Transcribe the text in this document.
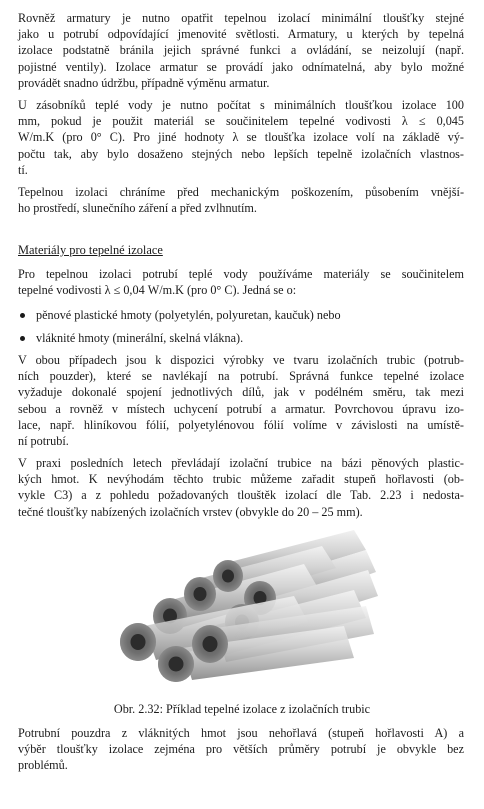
Rovněž armatury je nutno opatřit tepelnou izolací minimální tloušťky stejné
jako u potrubí odpovídající jmenovité světlosti. Armatury, u kterých by tepelná
izolace podstatně bránila jejich správné funkci a ovládání, se neizolují (např.
pojistné ventily). Izolace armatur se provádí jako odnímatelná, aby bylo možné
provádět snadno údržbu, případně výměnu armatur.
U zásobníků teplé vody je nutno počítat s minimálních tloušťkou izolace 100
mm, pokud je použit materiál se součinitelem tepelné vodivosti λ ≤ 0,045
W/m.K (pro 0° C). Pro jiné hodnoty λ se tloušťka izolace volí na základě vý-
počtu tak, aby bylo dosaženo stejných nebo lepších tepelně izolačních vlastnos-
tí.
Tepelnou izolaci chráníme před mechanickým poškozením, působením vnější-
ho prostředí, slunečního záření a před zvlhnutím.

Materiály pro tepelné izolace

Pro tepelnou izolaci potrubí teplé vody používáme materiály se součinitelem
tepelné vodivosti λ ≤ 0,04 W/m.K (pro 0° C). Jedná se o:
pěnové plastické hmoty (polyetylén, polyuretan, kaučuk) nebo
vláknité hmoty (minerální, skelná vlákna).
V obou případech jsou k dispozici výrobky ve tvaru izolačních trubic (potrub-
ních pouzder), které se navlékají na potrubí. Správná funkce tepelné izolace
vyžaduje dokonalé spojení jednotlivých dílů, jak v podélném směru, tak mezi
sebou a rovněž v místech uchycení potrubí a armatur. Povrchovou úpravu izo-
lace, např. hliníkovou fólií, polyetylénovou fólií volíme v závislosti na umístě-
ní potrubí.
V praxi posledních letech převládají izolační trubice na bázi pěnových plastic-
kých hmot. K nevýhodám těchto trubic můžeme zařadit stupeň hořlavosti (ob-
vykle C3) a z pohledu požadovaných tlouštěk izolací dle Tab. 2.23 i nedosta-
tečné tloušťky nabízených izolačních vrstev (obvykle do 20 – 25 mm).

Obr. 2.32: Příklad tepelné izolace z izolačních trubic

Potrubní pouzdra z vláknitých hmot jsou nehořlavá (stupeň hořlavosti A) a
výběr tloušťky izolace zejména pro větších průměry potrubí je obvykle bez
problémů.
